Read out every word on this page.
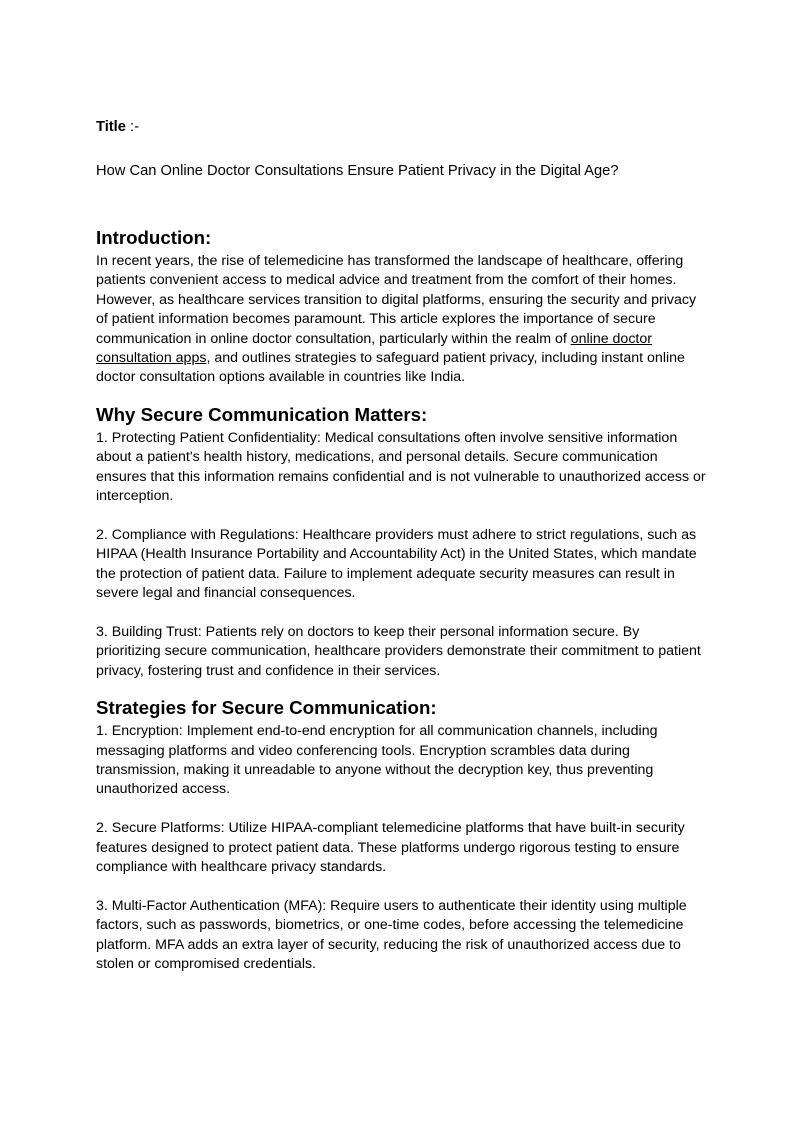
Title :-
How Can Online Doctor Consultations Ensure Patient Privacy in the Digital Age?
Introduction:

In recent years, the rise of telemedicine has transformed the landscape of healthcare, offering patients convenient access to medical advice and treatment from the comfort of their homes. However, as healthcare services transition to digital platforms, ensuring the security and privacy of patient information becomes paramount. This article explores the importance of secure communication in online doctor consultation, particularly within the realm of online doctor consultation apps, and outlines strategies to safeguard patient privacy, including instant online doctor consultation options available in countries like India.

Why Secure Communication Matters:

1. Protecting Patient Confidentiality: Medical consultations often involve sensitive information about a patient's health history, medications, and personal details. Secure communication ensures that this information remains confidential and is not vulnerable to unauthorized access or interception.

2. Compliance with Regulations: Healthcare providers must adhere to strict regulations, such as HIPAA (Health Insurance Portability and Accountability Act) in the United States, which mandate the protection of patient data. Failure to implement adequate security measures can result in severe legal and financial consequences.

3. Building Trust: Patients rely on doctors to keep their personal information secure. By prioritizing secure communication, healthcare providers demonstrate their commitment to patient privacy, fostering trust and confidence in their services.

Strategies for Secure Communication:

1. Encryption: Implement end-to-end encryption for all communication channels, including messaging platforms and video conferencing tools. Encryption scrambles data during transmission, making it unreadable to anyone without the decryption key, thus preventing unauthorized access.

2. Secure Platforms: Utilize HIPAA-compliant telemedicine platforms that have built-in security features designed to protect patient data. These platforms undergo rigorous testing to ensure compliance with healthcare privacy standards.

3. Multi-Factor Authentication (MFA): Require users to authenticate their identity using multiple factors, such as passwords, biometrics, or one-time codes, before accessing the telemedicine platform. MFA adds an extra layer of security, reducing the risk of unauthorized access due to stolen or compromised credentials.
